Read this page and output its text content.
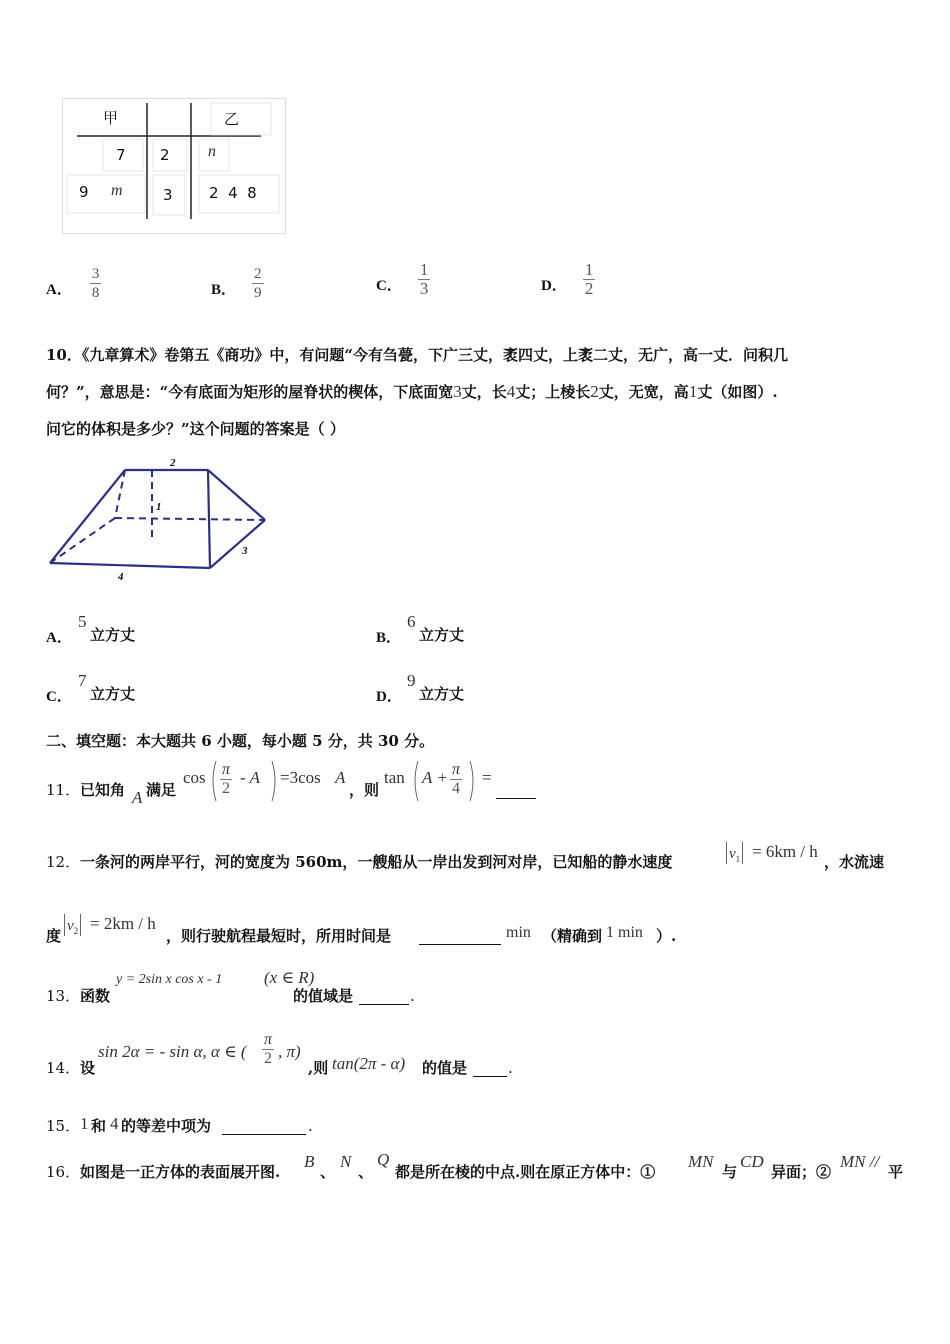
甲	乙
7 2 n
9 m	3 2  4  8
A． $\frac{3}{8}$	B． $\frac{2}{9}$	C． $\frac{1}{3}$	D． $\frac{1}{2}$
10．《九章算术》卷第五《商功》中，有问题“今有刍甍，下广三丈，袤四丈，上袤二丈，无广，高一丈．问积几
何？”，意思是：“今有底面为矩形的屋脊状的楔体，下底面宽3丈，长4丈；上棱长2丈，无宽，高1丈（如图）.
问它的体积是多少？”这个问题的答案是（ ）
2
1
3
4
A．
5
立方丈	B．
6
立方丈
C．
7
立方丈	D．
9
立方丈
二、填空题：本大题共 6 小题，每小题 5 分，共 30 分。
11． 已知角 A 满足
$\cos \frac{\pi}{2} - A =3\cos$ A
，则
$\tan A + \frac{\pi}{4}$ =
12． 一条河的两岸平行，河的宽度为 560m，一艘船从一岸出发到河对岸，已知船的静水速度	$v_1 = 6km / h$
，水流速
度
$v_2 = 2km / h$
，则行驶航程最短时，所用时间是	min （精确到 1 min ）.
13． 函数
y = 2sin x cos x - 1 (x ∈ R)
的值域是	.
14． 设
sin 2α = - sin α, α ∈ ( $\frac{\pi}{2}$ , π)
,则 tan(2π - α) 的值是	.
15． 1 和 4 的等差中项为	.
16． 如图是一正方体的表面展开图.
B
、
N
、
Q
都是所在棱的中点.则在原正方体中：①
MN
与
CD
异面；②
MN //
平
